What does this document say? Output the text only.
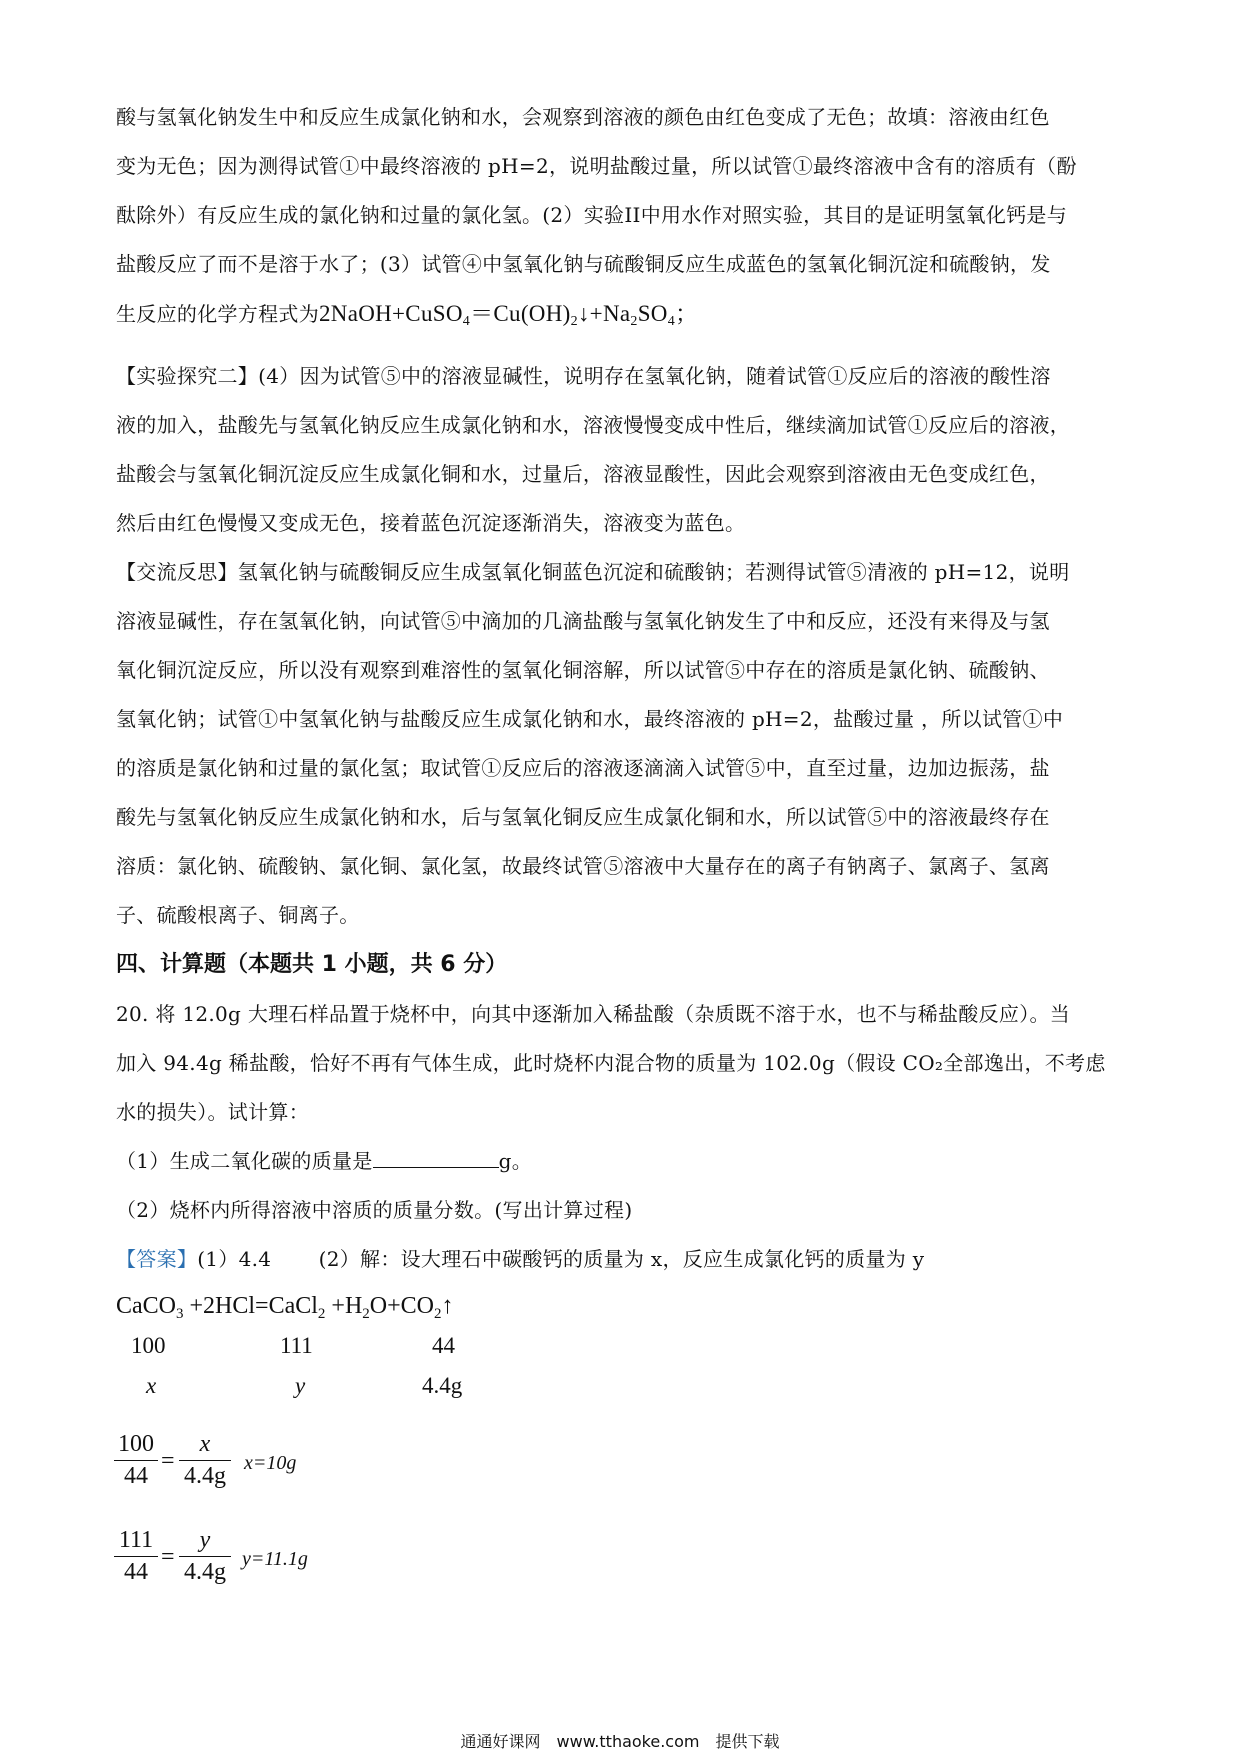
酸与氢氧化钠发生中和反应生成氯化钠和水，会观察到溶液的颜色由红色变成了无色；故填：溶液由红色
变为无色；因为测得试管①中最终溶液的 pH=2，说明盐酸过量，所以试管①最终溶液中含有的溶质有（酚
酞除外）有反应生成的氯化钠和过量的氯化氢。(2）实验II中用水作对照实验，其目的是证明氢氧化钙是与
盐酸反应了而不是溶于水了；(3）试管④中氢氧化钠与硫酸铜反应生成蓝色的氢氧化铜沉淀和硫酸钠，发
生反应的化学方程式为$2NaOH+CuSO_4=Cu(OH)_2↓+Na_2SO_4$；
【实验探究二】(4）因为试管⑤中的溶液显碱性，说明存在氢氧化钠，随着试管①反应后的溶液的酸性溶
液的加入，盐酸先与氢氧化钠反应生成氯化钠和水，溶液慢慢变成中性后，继续滴加试管①反应后的溶液，
盐酸会与氢氧化铜沉淀反应生成氯化铜和水，过量后，溶液显酸性，因此会观察到溶液由无色变成红色，
然后由红色慢慢又变成无色，接着蓝色沉淀逐渐消失，溶液变为蓝色。
【交流反思】氢氧化钠与硫酸铜反应生成氢氧化铜蓝色沉淀和硫酸钠；若测得试管⑤清液的 pH=12，说明
溶液显碱性，存在氢氧化钠，向试管⑤中滴加的几滴盐酸与氢氧化钠发生了中和反应，还没有来得及与氢
氧化铜沉淀反应，所以没有观察到难溶性的氢氧化铜溶解，所以试管⑤中存在的溶质是氯化钠、硫酸钠、
氢氧化钠；试管①中氢氧化钠与盐酸反应生成氯化钠和水，最终溶液的 pH=2，盐酸过量 ，所以试管①中
的溶质是氯化钠和过量的氯化氢；取试管①反应后的溶液逐滴滴入试管⑤中，直至过量，边加边振荡，盐
酸先与氢氧化钠反应生成氯化钠和水，后与氢氧化铜反应生成氯化铜和水，所以试管⑤中的溶液最终存在
溶质：氯化钠、硫酸钠、氯化铜、氯化氢，故最终试管⑤溶液中大量存在的离子有钠离子、氯离子、氢离
子、硫酸根离子、铜离子。
四、计算题（本题共 1 小题，共 6 分）
20. 将 12.0g 大理石样品置于烧杯中，向其中逐渐加入稀盐酸（杂质既不溶于水，也不与稀盐酸反应）。当
加入 94.4g 稀盐酸，恰好不再有气体生成，此时烧杯内混合物的质量为 102.0g（假设 CO₂全部逸出，不考虑
水的损失）。试计算：
（1）生成二氧化碳的质量是	g。
（2）烧杯内所得溶液中溶质的质量分数。(写出计算过程)
【答案】(1）4.4　　 (2）解：设大理石中碳酸钙的质量为 x，反应生成氯化钙的质量为 y
CaCO$_3$ +2HCl=CaCl$_2$ $+H_2O+CO_2↑$
100	111	44
x	y	4.4g
100
44
=
x
4.4g x=10g
111
44
=
y
4.4g y=11.1g
通通好课网　www.tthaoke.com　提供下载
